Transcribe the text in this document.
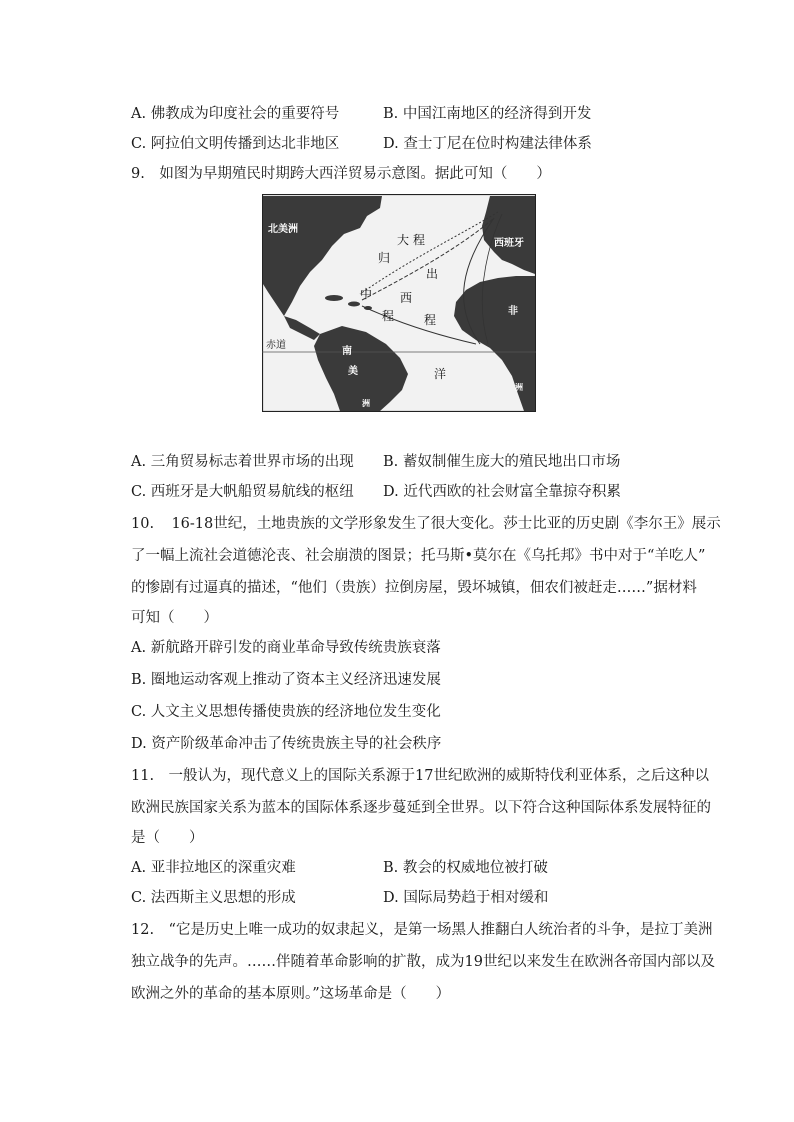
A. 佛教成为印度社会的重要符号	B. 中国江南地区的经济得到开发
C. 阿拉伯文明传播到达北非地区	D. 查士丁尼在位时构建法律体系
9.　如图为早期殖民时期跨大西洋贸易示意图。据此可知（　　）
北美洲
西班牙
非
洲
南
美
洲
赤道
大 程
归
出
中 西
程 程
洋
A. 三角贸易标志着世界市场的出现 B. 蓄奴制催生庞大的殖民地出口市场
C. 西班牙是大帆船贸易航线的枢纽 D. 近代西欧的社会财富全靠掠夺积累
10.　 16-18世纪，土地贵族的文学形象发生了很大变化。莎士比亚的历史剧《李尔王》展示
了一幅上流社会道德沦丧、社会崩溃的图景；托马斯•莫尔在《乌托邦》书中对于“羊吃人”
的惨剧有过逼真的描述，“他们（贵族）拉倒房屋，毁坏城镇，佃农们被赶走……”据材料
可知（　　）
A. 新航路开辟引发的商业革命导致传统贵族衰落
B. 圈地运动客观上推动了资本主义经济迅速发展
C. 人文主义思想传播使贵族的经济地位发生变化
D. 资产阶级革命冲击了传统贵族主导的社会秩序
11.　一般认为，现代意义上的国际关系源于17世纪欧洲的威斯特伐利亚体系，之后这种以
欧洲民族国家关系为蓝本的国际体系逐步蔓延到全世界。以下符合这种国际体系发展特征的
是（　　）
A. 亚非拉地区的深重灾难	B. 教会的权威地位被打破
C. 法西斯主义思想的形成	D. 国际局势趋于相对缓和
12.　“它是历史上唯一成功的奴隶起义，是第一场黑人推翻白人统治者的斗争，是拉丁美洲
独立战争的先声。……伴随着革命影响的扩散，成为19世纪以来发生在欧洲各帝国内部以及
欧洲之外的革命的基本原则。”这场革命是（　　）
